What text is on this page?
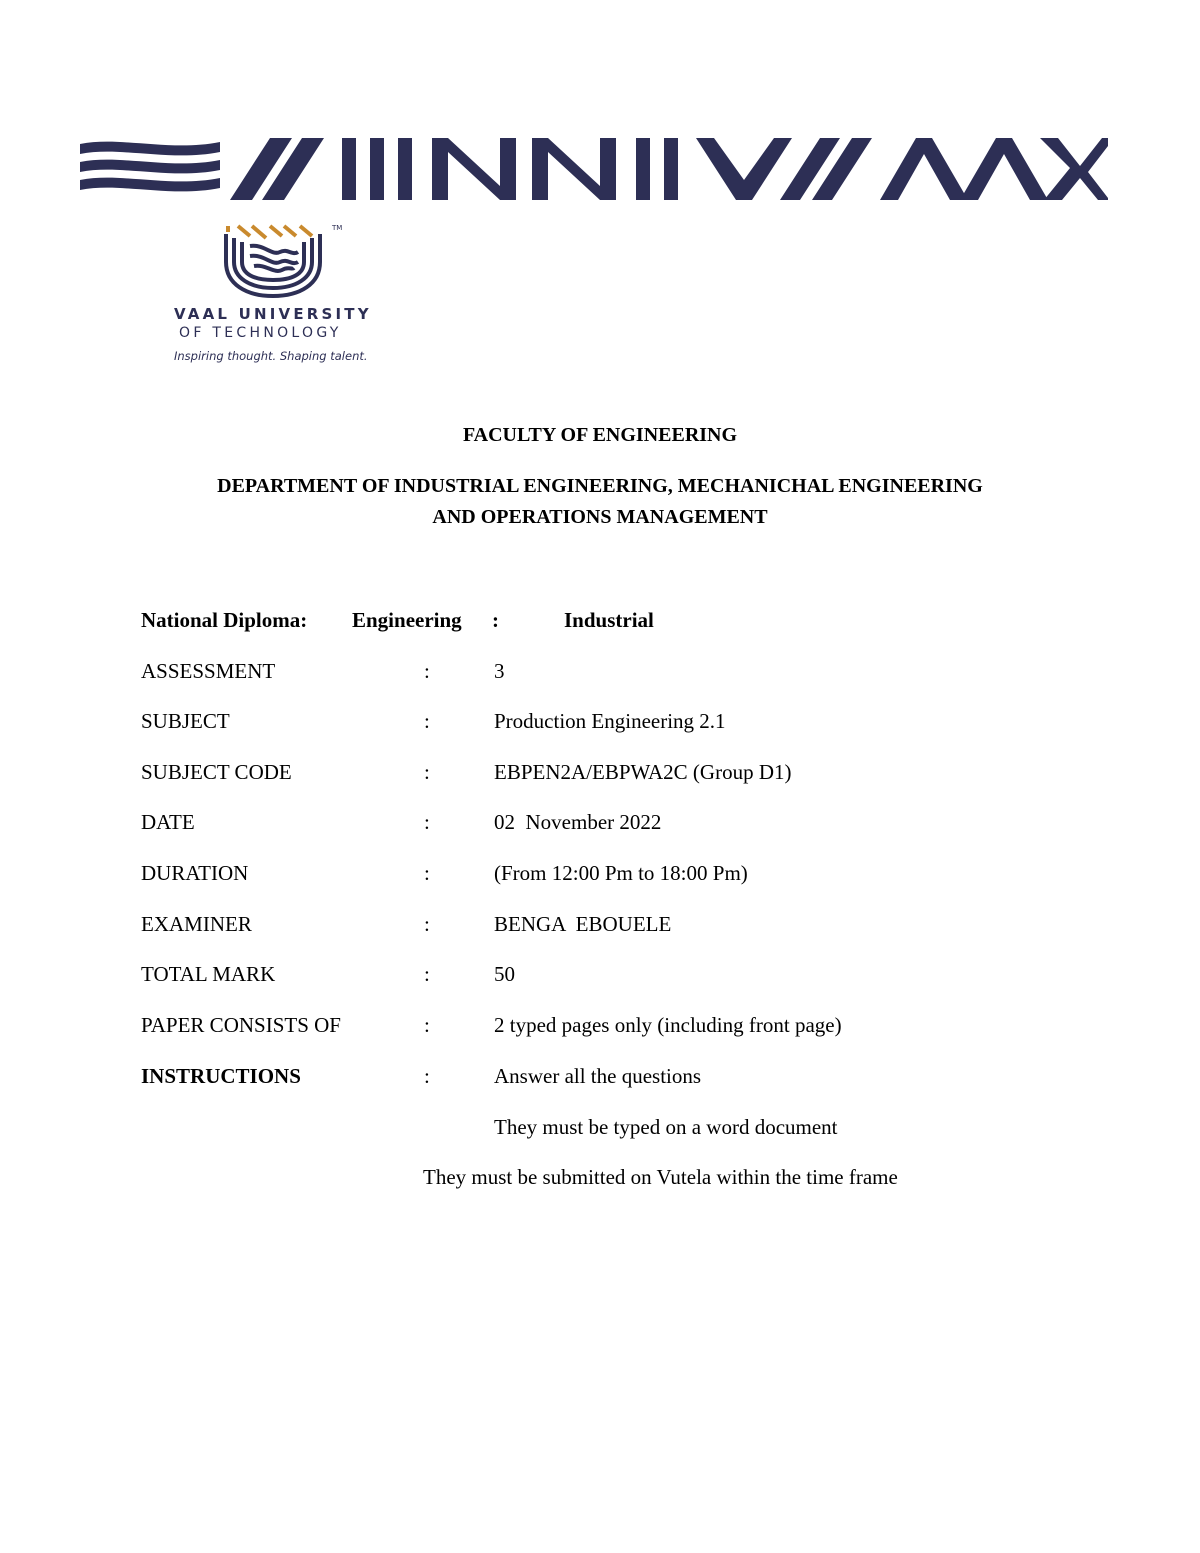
TM
VAAL UNIVERSITY
OF TECHNOLOGY
Inspiring thought. Shaping talent.
FACULTY OF ENGINEERING
DEPARTMENT OF INDUSTRIAL ENGINEERING, MECHANICHAL ENGINEERING
AND OPERATIONS MANAGEMENT
National Diploma: Engineering :	Industrial
ASSESSMENT	:	3
SUBJECT	:	Production Engineering 2.1
SUBJECT CODE	:	EBPEN2A/EBPWA2C (Group D1)
DATE	:	02  November 2022
DURATION	:	(From 12:00 Pm to 18:00 Pm)
EXAMINER	:	BENGA  EBOUELE
TOTAL MARK	:	50
PAPER CONSISTS OF	:	2 typed pages only (including front page)
INSTRUCTIONS	:	Answer all the questions
They must be typed on a word document
They must be submitted on Vutela within the time frame
